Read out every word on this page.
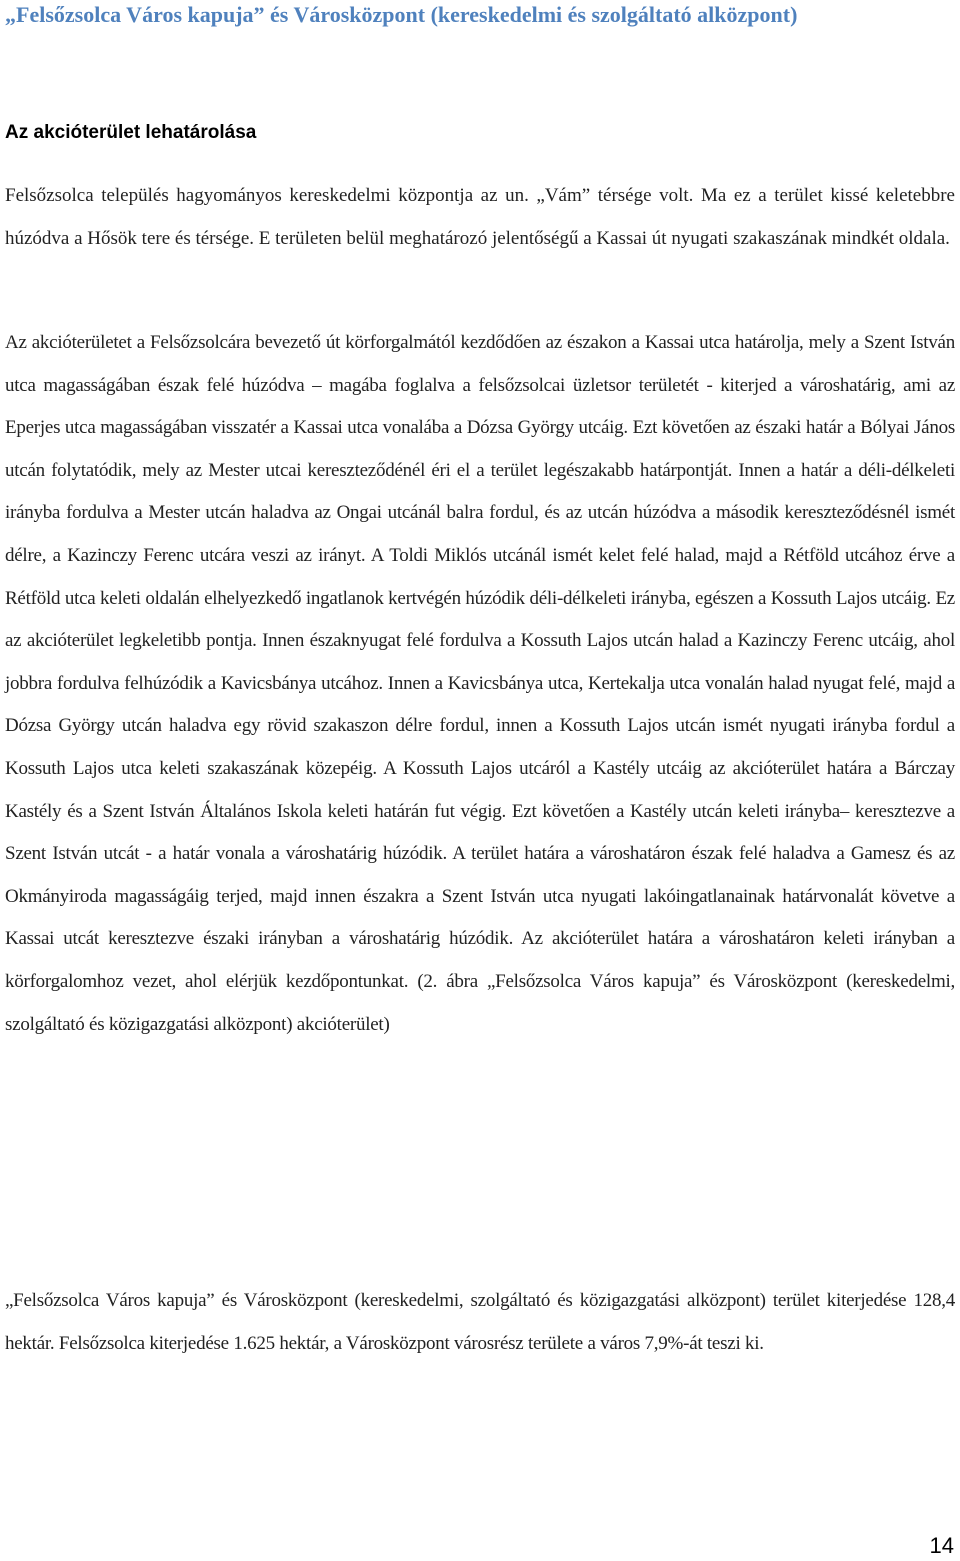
„Felsőzsolca Város kapuja” és Városközpont (kereskedelmi és szolgáltató alközpont)
Az akcióterület lehatárolása

Felsőzsolca település hagyományos kereskedelmi központja az un. „Vám” térsége volt. Ma ez a terület kissé keletebbre húzódva a Hősök tere és térsége. E területen belül meghatározó jelentőségű a Kassai út nyugati szakaszának mindkét oldala.

Az akcióterületet a Felsőzsolcára bevezető út körforgalmától kezdődően az északon a Kassai utca határolja, mely a Szent István utca magasságában észak felé húzódva – magába foglalva a felsőzsolcai üzletsor területét - kiterjed a városhatárig, ami az Eperjes utca magasságában visszatér a Kassai utca vonalába a Dózsa György utcáig. Ezt követően az északi határ a Bólyai János utcán folytatódik, mely az Mester utcai kereszteződénél éri el a terület legészakabb határpontját. Innen a határ a déli-délkeleti irányba fordulva a Mester utcán haladva az Ongai utcánál balra fordul, és az utcán húzódva a második kereszteződésnél ismét délre, a Kazinczy Ferenc utcára veszi az irányt. A Toldi Miklós utcánál ismét kelet felé halad, majd a Rétföld utcához érve a Rétföld utca keleti oldalán elhelyezkedő ingatlanok kertvégén húzódik déli-délkeleti irányba, egészen a Kossuth Lajos utcáig. Ez az akcióterület legkeletibb pontja. Innen északnyugat felé fordulva a Kossuth Lajos utcán halad a Kazinczy Ferenc utcáig, ahol jobbra fordulva felhúzódik a Kavicsbánya utcához. Innen a Kavicsbánya utca, Kertekalja utca vonalán halad nyugat felé, majd a Dózsa György utcán haladva egy rövid szakaszon délre fordul, innen a Kossuth Lajos utcán ismét nyugati irányba fordul a Kossuth Lajos utca keleti szakaszának közepéig. A Kossuth Lajos utcáról a Kastély utcáig az akcióterület határa a Bárczay Kastély és a Szent István Általános Iskola keleti határán fut végig. Ezt követően a Kastély utcán keleti irányba– keresztezve a Szent István utcát - a határ vonala a városhatárig húzódik. A terület határa a városhatáron észak felé haladva a Gamesz és az Okmányiroda magasságáig terjed, majd innen északra a Szent István utca nyugati lakóingatlanainak határvonalát követve a Kassai utcát keresztezve északi irányban a városhatárig húzódik. Az akcióterület határa a városhatáron keleti irányban a körforgalomhoz vezet, ahol elérjük kezdőpontunkat. (2. ábra „Felsőzsolca Város kapuja” és Városközpont (kereskedelmi, szolgáltató és közigazgatási alközpont) akcióterület)

„Felsőzsolca Város kapuja” és Városközpont (kereskedelmi, szolgáltató és közigazgatási alközpont) terület kiterjedése 128,4 hektár. Felsőzsolca kiterjedése 1.625 hektár, a Városközpont városrész területe a város 7,9%-át teszi ki.

14
